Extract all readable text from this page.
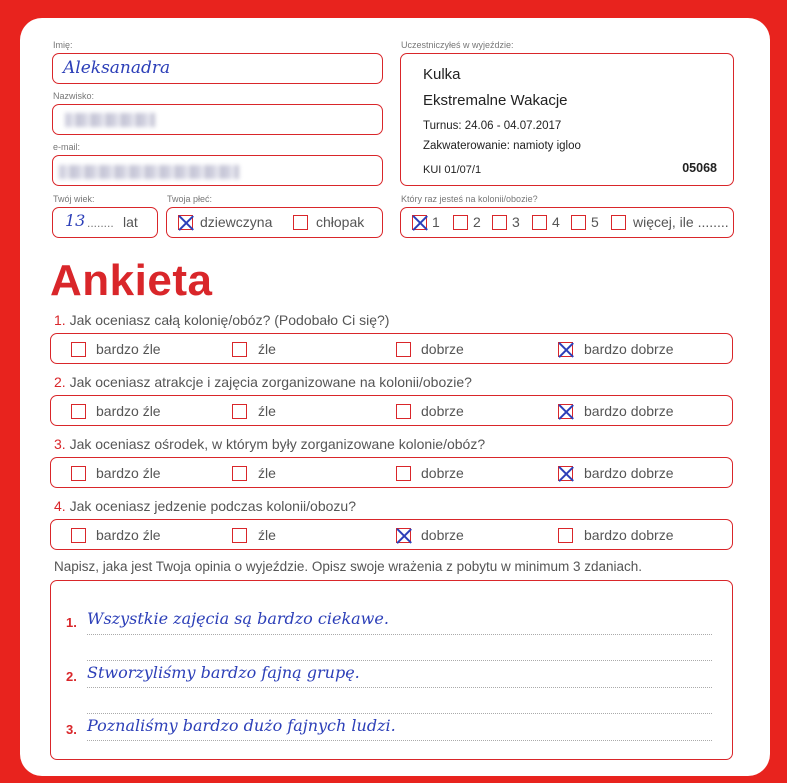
Imię:
Aleksanadra
Nazwisko:
e-mail:
Twój wiek:
13 ........ lat
Twoja płeć:
dziewczyna	chłopak
Uczestniczyłeś w wyjeździe:
Kulka
Ekstremalne Wakacje
Turnus: 24.06 - 04.07.2017
Zakwaterowanie: namioty igloo
KUI 01/07/1	05068
Który raz jesteś na kolonii/obozie?
1 2 3 4 5 więcej, ile ........
Ankieta
1. Jak oceniasz całą kolonię/obóz? (Podobało Ci się?)
bardzo źle	źle	dobrze	bardzo dobrze
2. Jak oceniasz atrakcje i zajęcia zorganizowane na kolonii/obozie?
bardzo źle	źle	dobrze	bardzo dobrze
3. Jak oceniasz ośrodek, w którym były zorganizowane kolonie/obóz?
bardzo źle	źle	dobrze	bardzo dobrze
4. Jak oceniasz jedzenie podczas kolonii/obozu?
bardzo źle	źle	dobrze	bardzo dobrze
Napisz, jaka jest Twoja opinia o wyjeździe. Opisz swoje wrażenia z pobytu w minimum 3 zdaniach.
1. Wszystkie zajęcia są bardzo ciekawe.
2. Stworzyliśmy bardzo fajną grupę.
3. Poznaliśmy bardzo dużo fajnych ludzi.
